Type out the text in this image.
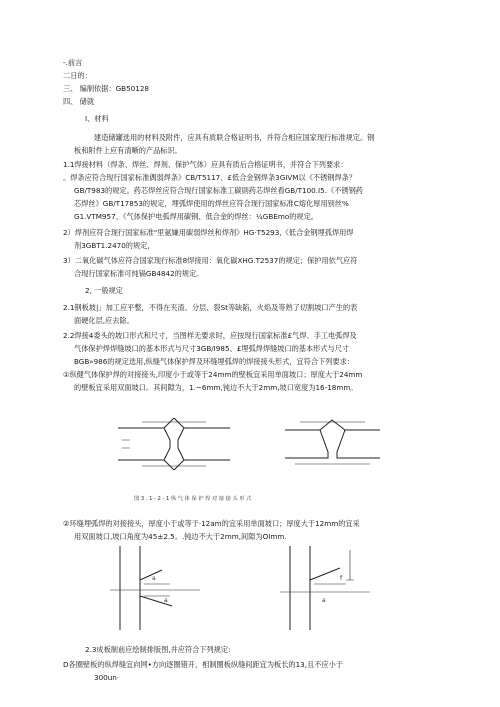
-.前言
二日的：
三、 编制依据：GB50128
四、 储就
I、材料
建造储罐选用的材料及附件，应具有质联合格证明书，并符合相应国家现行标准规定。钢
板和附件上应有清晰的产品标识。
1.1焊接材料（焊条、焊丝、焊剂、保护气体）应具有质后合格证明书，并符合下列要求：
。焊条应符合现行国家标准偶弱焊条》CB/T5117、£低合金钢焊条3GIVM以《不锈钢焊条？
GB/T983的规定。药芯焊丝应符合现行国家标准工碳則药芯焊丝看GB/T100.I5.《不锈钢药
芯焊丝》GB/T17853的规定，埋弧焊使用的焊丝应符合现行国家标准C熔化厚用别丝%
G1.VTM957、《气体保护电弧焊用碳钢、低合金的焊丝：¼GBEmo的规定。
2）焊剂应符合现行国家标准"里氨嫌用碳弱焊丝和焊剂》HG·T5293,《低合金钢埋孤焊用焊
剂3GBT1.2470的规定，
3）二氧化碳气体应符合国家现行标准8焊接用：氧化碳XHG.T2537的规定；保护用依气应符
合现行国家标准可纯镉GB4842的规定。
2, 一般规定
2.1钢板坡|」加工应平整，不得在夹渣、分层、裂St等缺陷，火焰及等熟了切割坡口产生的表
面硬化层,应去除。
2.2焊接4委头的坡口形式和尺寸，当图样无要求时，应按现行国家标准£气焊、手工电弧焊及
气体保护焊焊缝坡口的基本形式与尺寸3GB/I985、£埋弧焊焊缝坡口的基本形式与尺寸
BGB»986的规定选用,纵缝气体保护焊及环缝埋弧焊的焊接接头形式，宜符合下列要求：
①纵健气体保护焊的对接接头,印度小于或等于24mm的壁板宜采用单面坡口；厚度大于24mm
的壁板宜采用双面坡口。其间隙为，1.~6mm,钝边不大于2mm,坡口宽度为16-18mm。
图 3 . 1 - 2 - 1 纵 气 体 保 护 焊 对 接 接 头 形 式
②环缝埋弧焊的对接接头，厚度小于或等于·12am的宜采用单面坡口；厚度大于12mm的宜采
用双面坡口,坡口角度为45±2.5。.钝边不大于2mm,间隙为OImm.
a
a
f
a
2.3成板制前应绘制排版图,并应符合下列规定:
D各圈壁板的纵焊缝宜向网•方向逐圈错开，相制圈板纵缝间距宜为板长的13,且不应小于
300un·
